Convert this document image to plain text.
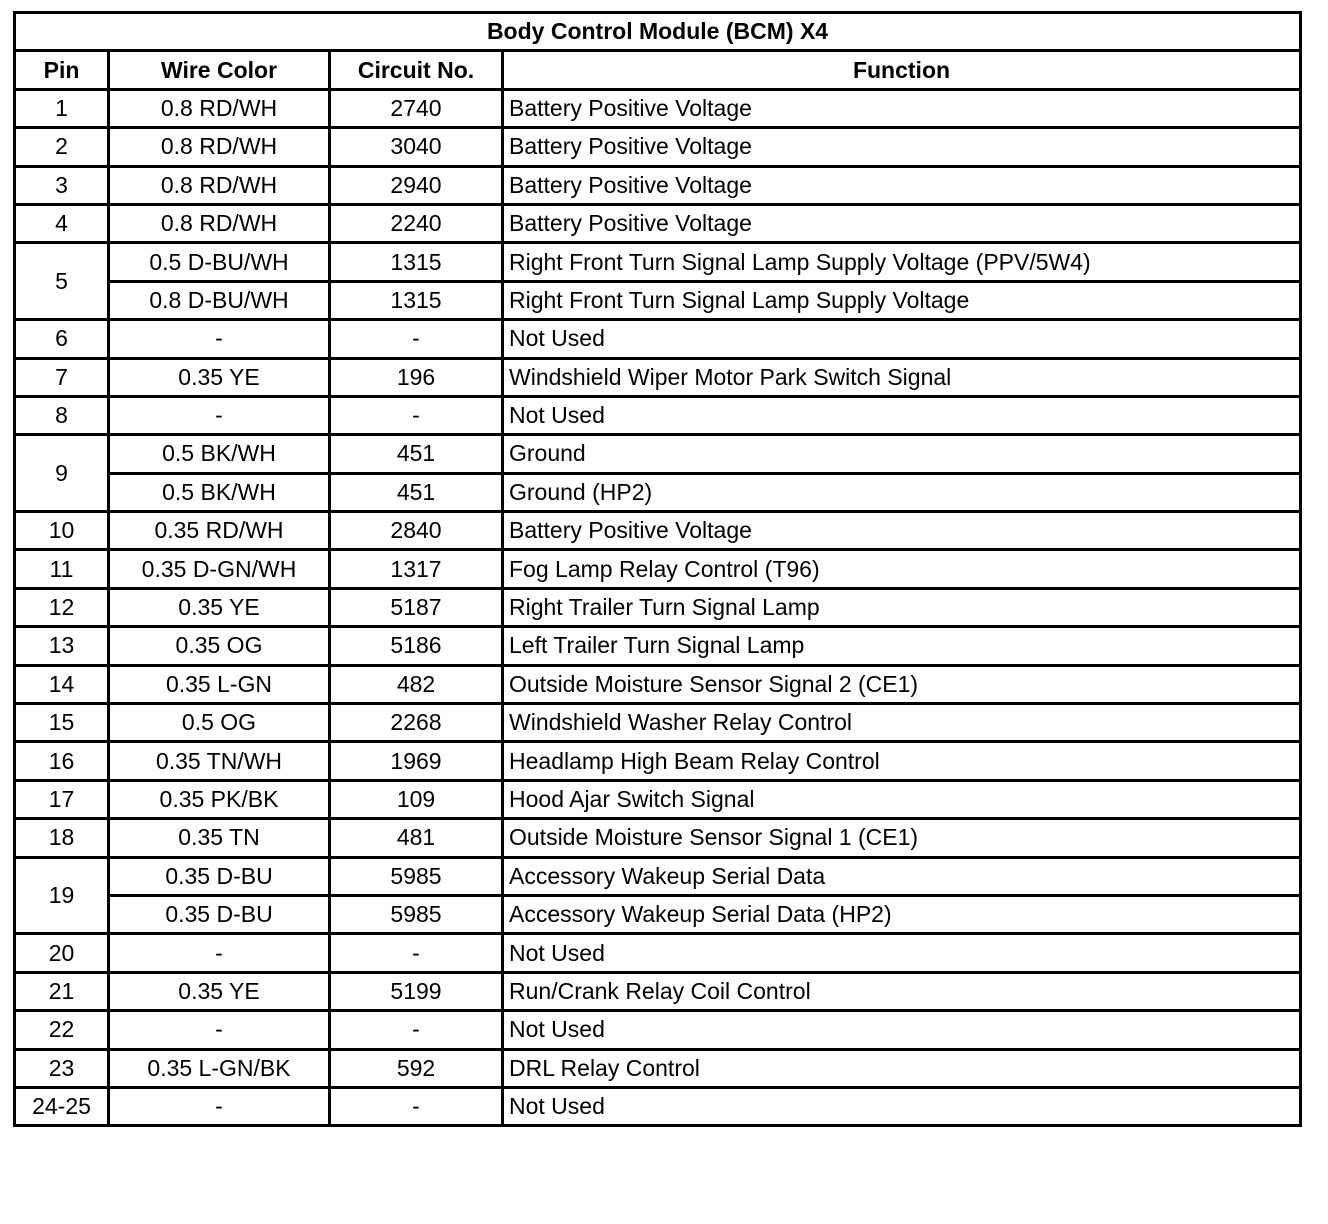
Body Control Module (BCM) X4			
Pin	Wire Color	Circuit No.	Function
1	0.8 RD/WH	2740	Battery Positive Voltage
2	0.8 RD/WH	3040	Battery Positive Voltage
3	0.8 RD/WH	2940	Battery Positive Voltage
4	0.8 RD/WH	2240	Battery Positive Voltage
5	0.5 D-BU/WH	1315	Right Front Turn Signal Lamp Supply Voltage (PPV/5W4)
	0.8 D-BU/WH	1315	Right Front Turn Signal Lamp Supply Voltage
6	-	-	Not Used
7	0.35 YE	196	Windshield Wiper Motor Park Switch Signal
8	-	-	Not Used
9	0.5 BK/WH	451	Ground
	0.5 BK/WH	451	Ground (HP2)
10	0.35 RD/WH	2840	Battery Positive Voltage
11	0.35 D-GN/WH	1317	Fog Lamp Relay Control (T96)
12	0.35 YE	5187	Right Trailer Turn Signal Lamp
13	0.35 OG	5186	Left Trailer Turn Signal Lamp
14	0.35 L-GN	482	Outside Moisture Sensor Signal 2 (CE1)
15	0.5 OG	2268	Windshield Washer Relay Control
16	0.35 TN/WH	1969	Headlamp High Beam Relay Control
17	0.35 PK/BK	109	Hood Ajar Switch Signal
18	0.35 TN	481	Outside Moisture Sensor Signal 1 (CE1)
19	0.35 D-BU	5985	Accessory Wakeup Serial Data
	0.35 D-BU	5985	Accessory Wakeup Serial Data (HP2)
20	-	-	Not Used
21	0.35 YE	5199	Run/Crank Relay Coil Control
22	-	-	Not Used
23	0.35 L-GN/BK	592	DRL Relay Control
24-25	-	-	Not Used
